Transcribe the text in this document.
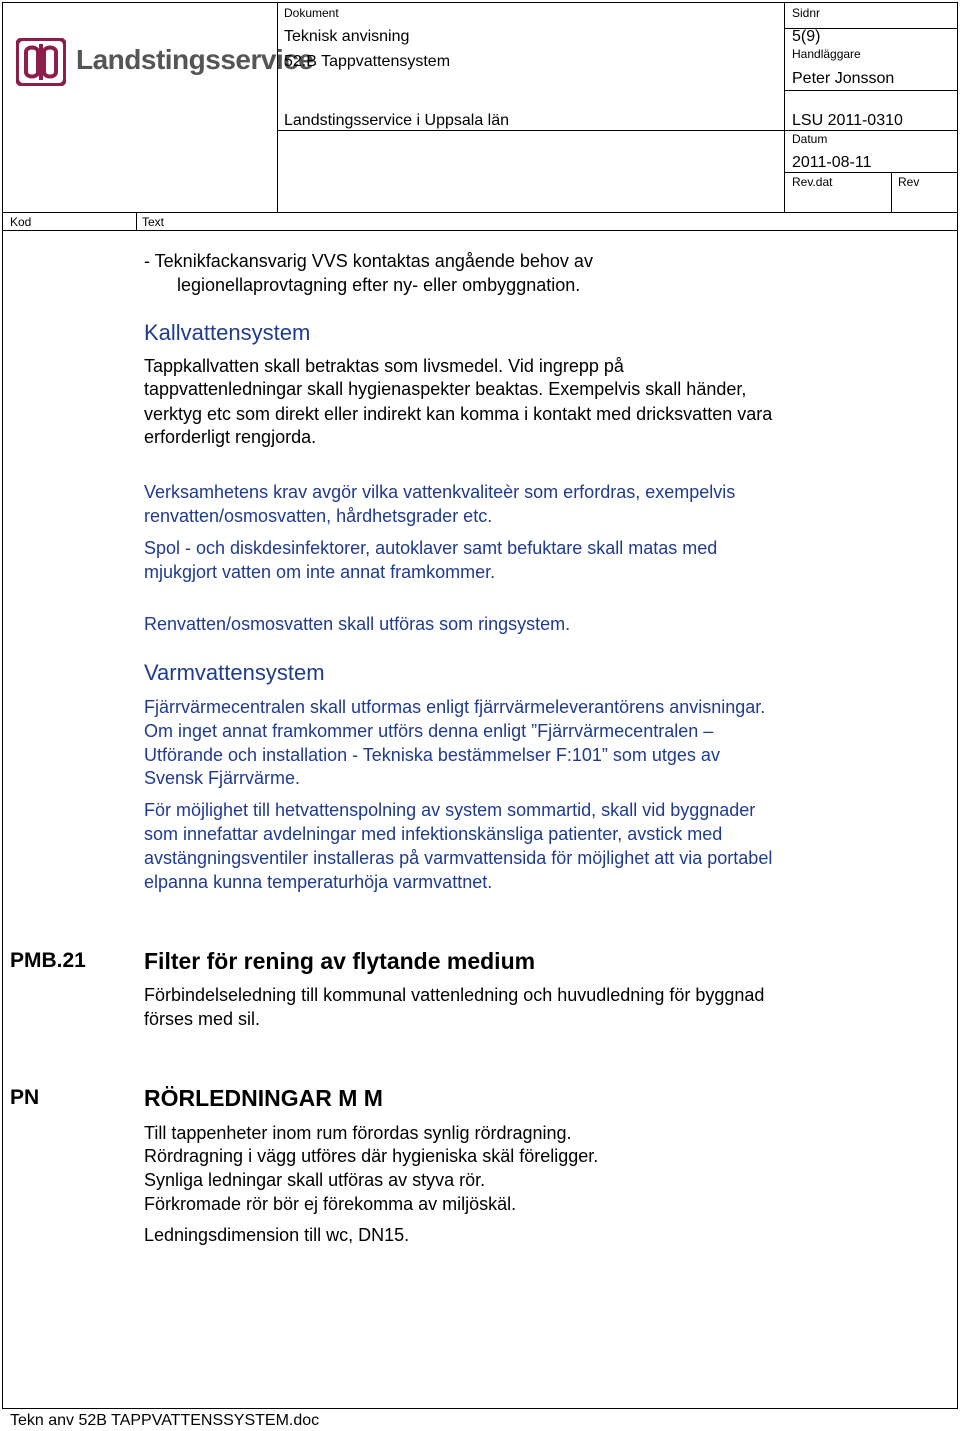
Landstingsservice
Dokument
Teknisk anvisning
52.B Tappvattensystem
Landstingsservice i Uppsala län
Sidnr
5(9)
Handläggare
Peter Jonsson
LSU 2011-0310
Datum
2011-08-11
Rev.dat	Rev
Kod	Text
- Teknikfackansvarig VVS kontaktas angående behov av
legionellaprovtagning efter ny- eller ombyggnation.
Kallvattensystem
Tappkallvatten skall betraktas som livsmedel. Vid ingrepp på
tappvattenledningar skall hygienaspekter beaktas. Exempelvis skall händer,
verktyg etc som direkt eller indirekt kan komma i kontakt med dricksvatten vara
erforderligt rengjorda.
Verksamhetens krav avgör vilka vattenkvaliteèr som erfordras, exempelvis
renvatten/osmosvatten, hårdhetsgrader etc.
Spol - och diskdesinfektorer, autoklaver samt befuktare skall matas med
mjukgjort vatten om inte annat framkommer.
Renvatten/osmosvatten skall utföras som ringsystem.
Varmvattensystem
Fjärrvärmecentralen skall utformas enligt fjärrvärmeleverantörens anvisningar.
Om inget annat framkommer utförs denna enligt ”Fjärrvärmecentralen –
Utförande och installation - Tekniska bestämmelser F:101” som utges av
Svensk Fjärrvärme.
För möjlighet till hetvattenspolning av system sommartid, skall vid byggnader
som innefattar avdelningar med infektionskänsliga patienter, avstick med
avstängningsventiler installeras på varmvattensida för möjlighet att via portabel
elpanna kunna temperaturhöja varmvattnet.
PMB.21	Filter för rening av flytande medium
Förbindelseledning till kommunal vattenledning och huvudledning för byggnad
förses med sil.
PN	RÖRLEDNINGAR M M
Till tappenheter inom rum förordas synlig rördragning.
Rördragning i vägg utföres där hygieniska skäl föreligger.
Synliga ledningar skall utföras av styva rör.
Förkromade rör bör ej förekomma av miljöskäl.
Ledningsdimension till wc, DN15.
Tekn anv 52B TAPPVATTENSSYSTEM.doc
